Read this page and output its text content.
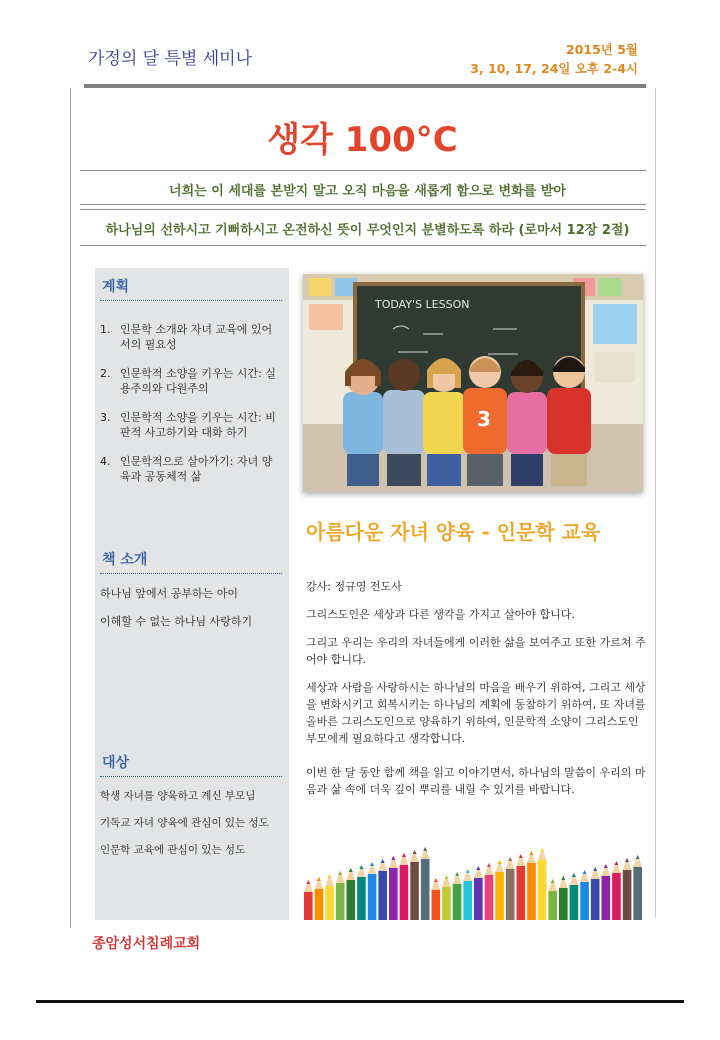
가정의 달 특별 세미나	2015년 5월
3, 10, 17, 24일 오후 2-4시
생각 100°C
너희는 이 세대를 본받지 말고 오직 마음을 새롭게 함으로 변화를 받아
하나님의 선하시고 기뻐하시고 온전하신 뜻이 무엇인지 분별하도록 하라 (로마서 12장 2절)
계획
1. 인문학 소개와 자녀 교육에 있어서의 필요성
2. 인문학적 소양을 키우는 시간: 실용주의와 다원주의
3. 인문학적 소양을 키우는 시간: 비판적 사고하기와 대화 하기
4. 인문학적으로 살아가기: 자녀 양육과 공동체적 삶
책 소개
하나님 앞에서 공부하는 아이
이해할 수 없는 하나님 사랑하기
대상
학생 자녀를 양육하고 계신 부모님
기독교 자녀 양육에 관심이 있는 성도
인문학 교육에 관심이 있는 성도
TODAY'S LESSON
3
아름다운 자녀 양육 - 인문학 교육
강사: 정규영 전도사
그리스도인은 세상과 다른 생각을 가지고 살아야 합니다.
그리고 우리는 우리의 자녀들에게 이러한 삶을 보여주고 또한 가르쳐 주어야 합니다.
세상과 사람을 사랑하시는 하나님의 마음을 배우기 위하여, 그리고 세상을 변화시키고 회복시키는 하나님의 계획에 동참하기 위하여, 또 자녀를 올바른 그리스도인으로 양육하기 위하여, 인문학적 소양이 그리스도인 부모에게 필요하다고 생각합니다.
이번 한 달 동안 함께 책을 읽고 이야기면서, 하나님의 말씀이 우리의 마음과 삶 속에 더욱 깊이 뿌리를 내릴 수 있기를 바랍니다.
종암성서침례교회
